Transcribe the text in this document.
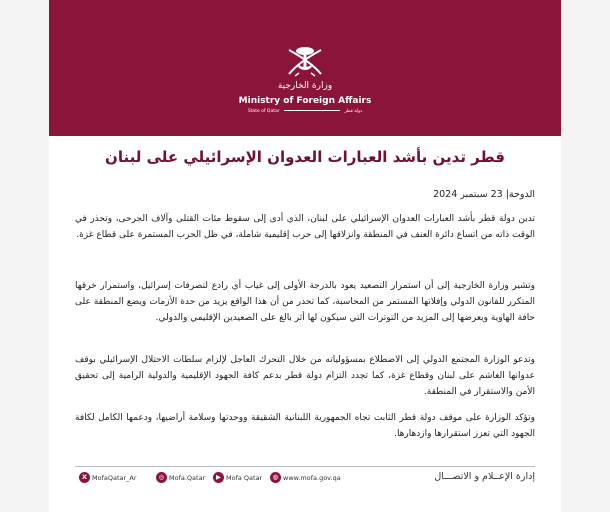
وزارة الخارجية
Ministry of Foreign Affairs
State of Qatar	دولة قطر
قطر تدين بأشد العبارات العدوان الإسرائيلي على لبنان
الدوحة| 23 سبتمبر 2024
تدين دولة قطر بأشد العبارات العدوان الإسرائيلي على لبنان، الذي أدى إلى سقوط مئات القتلى وآلاف الجرحى، وتحذر في الوقت ذاته من اتساع دائرة العنف في المنطقة وانزلاقها إلى حرب إقليمية شاملة، في ظل الحرب المستمرة على قطاع غزة.
وتشير وزارة الخارجية إلى أن استمرار التصعيد يعود بالدرجة الأولى إلى غياب أي رادع لتصرفات إسرائيل، واستمرار خرقها المتكرر للقانون الدولي وإفلاتها المستمر من المحاسبة، كما تحذر من أن هذا الواقع يزيد من حدة الأزمات ويضع المنطقة على حافة الهاوية ويعرضها إلى المزيد من التوترات التي سيكون لها أثر بالغ على الصعيدين الإقليمي والدولي.
وتدعو الوزارة المجتمع الدولي إلى الاضطلاع بمسؤولياته من خلال التحرك العاجل لإلزام سلطات الاحتلال الإسرائيلي بوقف عدوانها الغاشم على لبنان وقطاع غزة، كما تجدد التزام دولة قطر بدعم كافة الجهود الإقليمية والدولية الرامية إلى تحقيق الأمن والاستقرار في المنطقة.
وتؤكد الوزارة على موقف دولة قطر الثابت تجاه الجمهورية اللبنانية الشقيقة ووحدتها وسلامة أراضيها، ودعمها الكامل لكافة الجهود التي تعزز استقرارها وازدهارها.
X MofaQatar_Ar	◎ Mofa.Qatar	▶ Mofa Qatar	◍ www.mofa.gov.qa	إدارة الإعــلام و الاتصـــال
